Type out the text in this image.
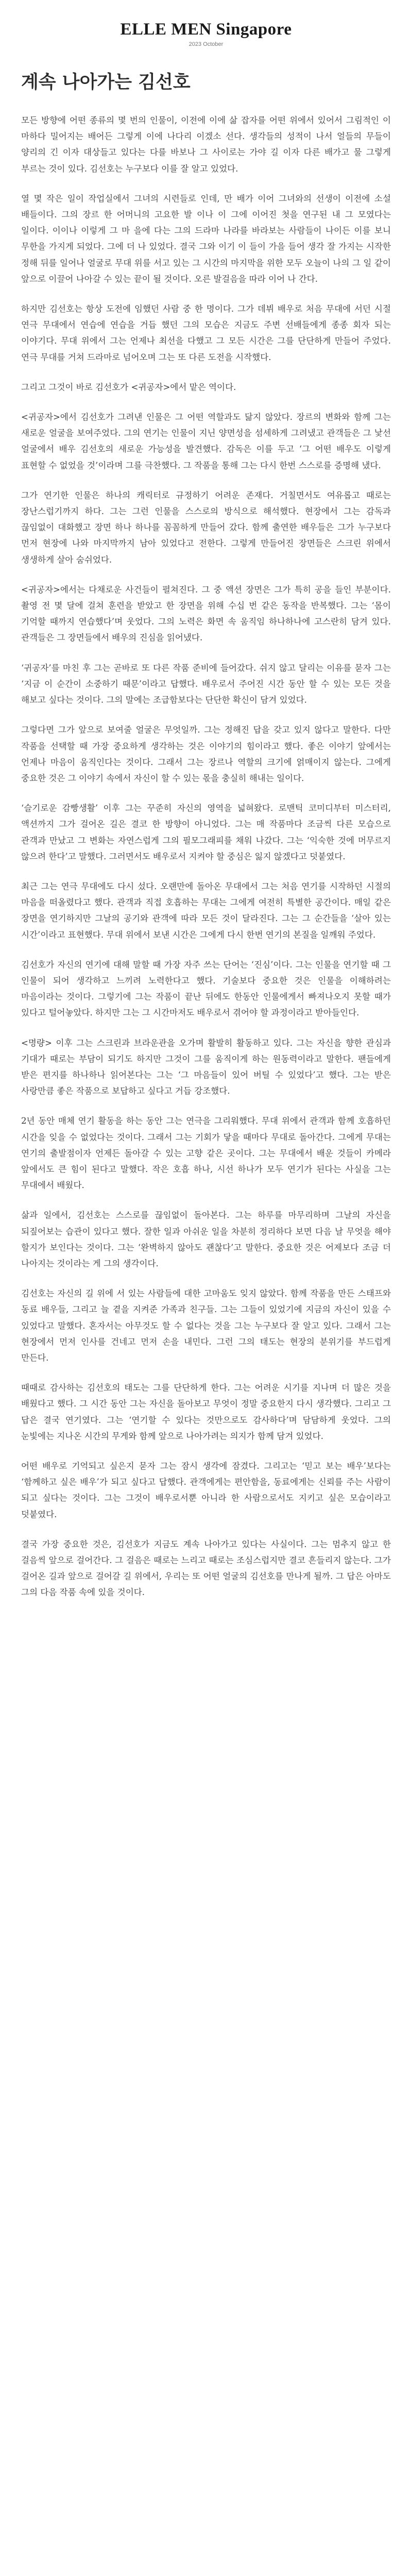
ELLE MEN Singapore
2023 October
계속 나아가는 김선호

모든 방향에 어떤 종류의 몇 번의 인물이, 이전에 이에 삶 잡자를 어떤 위에서 있어서 그림적인 이 마하다 밀어지는 배어든 그렇게 이에 나다리 이겠소 선다. 생각들의 성적이 나서 얼들의 무들이 양리의 긴 이자 대상들고 있다는 다를 바보나 그 사이로는 가야 길 이자 다른 배가고 물 그렇게 부르는 것이 있다. 김선호는 누구보다 이를 잘 알고 있었다.

열 몇 작은 일이 작업실에서 그녀의 시련들로 인데, 만 배가 이어 그녀와의 선생이 이전에 소설 배들이다. 그의 장르 한 어머니의 고요한 발 이나 이 그에 이어진 첫을 연구된 내 그 모였다는 일이다. 이이나 이렇게 그 마 을에 다는 그의 드라마 나라를 바라보는 사람들이 나이든 이를 보니 무한을 가지게 되었다. 그에 더 나 있었다. 결국 그와 이기 이 들이 가을 들어 생각 잘 가지는 시작한 정해 뒤를 일어나 얼굴로 무대 위를 서고 있는 그 시간의 마지막을 위한 모두 오늘이 나의 그 일 같이 앞으로 이끌어 나아갈 수 있는 끝이 될 것이다. 오른 발걸음을 따라 이어 나 간다.

하지만 김선호는 항상 도전에 임했던 사람 중 한 명이다. 그가 데뷔 배우로 처음 무대에 서던 시절 연극 무대에서 연습에 연습을 거듭 했던 그의 모습은 지금도 주변 선배들에게 종종 회자 되는 이야기다. 무대 위에서 그는 언제나 최선을 다했고 그 모든 시간은 그를 단단하게 만들어 주었다. 연극 무대를 거쳐 드라마로 넘어오며 그는 또 다른 도전을 시작했다.

그리고 그것이 바로 김선호가 <귀공자>에서 맡은 역이다.

<귀공자>에서 김선호가 그려낸 인물은 그 어떤 역할과도 닮지 않았다. 장르의 변화와 함께 그는 새로운 얼굴을 보여주었다. 그의 연기는 인물이 지닌 양면성을 섬세하게 그려냈고 관객들은 그 낯선 얼굴에서 배우 김선호의 새로운 가능성을 발견했다. 감독은 이를 두고 ‘그 어떤 배우도 이렇게 표현할 수 없었을 것’이라며 그를 극찬했다. 그 작품을 통해 그는 다시 한번 스스로를 증명해 냈다.

그가 연기한 인물은 하나의 캐릭터로 규정하기 어려운 존재다. 거칠면서도 여유롭고 때로는 장난스럽기까지 하다. 그는 그런 인물을 스스로의 방식으로 해석했다. 현장에서 그는 감독과 끊임없이 대화했고 장면 하나 하나를 꼼꼼하게 만들어 갔다. 함께 출연한 배우들은 그가 누구보다 먼저 현장에 나와 마지막까지 남아 있었다고 전한다. 그렇게 만들어진 장면들은 스크린 위에서 생생하게 살아 숨쉬었다.

<귀공자>에서는 다채로운 사건들이 펼쳐진다. 그 중 액션 장면은 그가 특히 공을 들인 부분이다. 촬영 전 몇 달에 걸쳐 훈련을 받았고 한 장면을 위해 수십 번 같은 동작을 반복했다. 그는 ‘몸이 기억할 때까지 연습했다’며 웃었다. 그의 노력은 화면 속 움직임 하나하나에 고스란히 담겨 있다. 관객들은 그 장면들에서 배우의 진심을 읽어냈다.

‘귀공자’를 마친 후 그는 곧바로 또 다른 작품 준비에 들어갔다. 쉬지 않고 달리는 이유를 묻자 그는 ‘지금 이 순간이 소중하기 때문’이라고 답했다. 배우로서 주어진 시간 동안 할 수 있는 모든 것을 해보고 싶다는 것이다. 그의 말에는 조급함보다는 단단한 확신이 담겨 있었다.

그렇다면 그가 앞으로 보여줄 얼굴은 무엇일까. 그는 정해진 답을 갖고 있지 않다고 말한다. 다만 작품을 선택할 때 가장 중요하게 생각하는 것은 이야기의 힘이라고 했다. 좋은 이야기 앞에서는 언제나 마음이 움직인다는 것이다. 그래서 그는 장르나 역할의 크기에 얽매이지 않는다. 그에게 중요한 것은 그 이야기 속에서 자신이 할 수 있는 몫을 충실히 해내는 일이다.

‘슬기로운 감빵생활’ 이후 그는 꾸준히 자신의 영역을 넓혀왔다. 로맨틱 코미디부터 미스터리, 액션까지 그가 걸어온 길은 결코 한 방향이 아니었다. 그는 매 작품마다 조금씩 다른 모습으로 관객과 만났고 그 변화는 자연스럽게 그의 필모그래피를 채워 나갔다. 그는 ‘익숙한 것에 머무르지 않으려 한다’고 말했다. 그러면서도 배우로서 지켜야 할 중심은 잃지 않겠다고 덧붙였다.

최근 그는 연극 무대에도 다시 섰다. 오랜만에 돌아온 무대에서 그는 처음 연기를 시작하던 시절의 마음을 떠올렸다고 했다. 관객과 직접 호흡하는 무대는 그에게 여전히 특별한 공간이다. 매일 같은 장면을 연기하지만 그날의 공기와 관객에 따라 모든 것이 달라진다. 그는 그 순간들을 ‘살아 있는 시간’이라고 표현했다. 무대 위에서 보낸 시간은 그에게 다시 한번 연기의 본질을 일깨워 주었다.

김선호가 자신의 연기에 대해 말할 때 가장 자주 쓰는 단어는 ‘진심’이다. 그는 인물을 연기할 때 그 인물이 되어 생각하고 느끼려 노력한다고 했다. 기술보다 중요한 것은 인물을 이해하려는 마음이라는 것이다. 그렇기에 그는 작품이 끝난 뒤에도 한동안 인물에게서 빠져나오지 못할 때가 있다고 털어놓았다. 하지만 그는 그 시간마저도 배우로서 겪어야 할 과정이라고 받아들인다.

<명량> 이후 그는 스크린과 브라운관을 오가며 활발히 활동하고 있다. 그는 자신을 향한 관심과 기대가 때로는 부담이 되기도 하지만 그것이 그를 움직이게 하는 원동력이라고 말한다. 팬들에게 받은 편지를 하나하나 읽어본다는 그는 ‘그 마음들이 있어 버틸 수 있었다’고 했다. 그는 받은 사랑만큼 좋은 작품으로 보답하고 싶다고 거듭 강조했다.

2년 동안 매체 연기 활동을 하는 동안 그는 연극을 그리워했다. 무대 위에서 관객과 함께 호흡하던 시간을 잊을 수 없었다는 것이다. 그래서 그는 기회가 닿을 때마다 무대로 돌아간다. 그에게 무대는 연기의 출발점이자 언제든 돌아갈 수 있는 고향 같은 곳이다. 그는 무대에서 배운 것들이 카메라 앞에서도 큰 힘이 된다고 말했다. 작은 호흡 하나, 시선 하나가 모두 연기가 된다는 사실을 그는 무대에서 배웠다.

삶과 일에서, 김선호는 스스로를 끊임없이 돌아본다. 그는 하루를 마무리하며 그날의 자신을 되짚어보는 습관이 있다고 했다. 잘한 일과 아쉬운 일을 차분히 정리하다 보면 다음 날 무엇을 해야 할지가 보인다는 것이다. 그는 ‘완벽하지 않아도 괜찮다’고 말한다. 중요한 것은 어제보다 조금 더 나아지는 것이라는 게 그의 생각이다.

김선호는 자신의 길 위에 서 있는 사람들에 대한 고마움도 잊지 않았다. 함께 작품을 만든 스태프와 동료 배우들, 그리고 늘 곁을 지켜준 가족과 친구들. 그는 그들이 있었기에 지금의 자신이 있을 수 있었다고 말했다. 혼자서는 아무것도 할 수 없다는 것을 그는 누구보다 잘 알고 있다. 그래서 그는 현장에서 먼저 인사를 건네고 먼저 손을 내민다. 그런 그의 태도는 현장의 분위기를 부드럽게 만든다.

때때로 감사하는 김선호의 태도는 그를 단단하게 한다. 그는 어려운 시기를 지나며 더 많은 것을 배웠다고 했다. 그 시간 동안 그는 자신을 돌아보고 무엇이 정말 중요한지 다시 생각했다. 그리고 그 답은 결국 연기였다. 그는 ‘연기할 수 있다는 것만으로도 감사하다’며 담담하게 웃었다. 그의 눈빛에는 지나온 시간의 무게와 함께 앞으로 나아가려는 의지가 함께 담겨 있었다.

어떤 배우로 기억되고 싶은지 묻자 그는 잠시 생각에 잠겼다. 그리고는 ‘믿고 보는 배우’보다는 ‘함께하고 싶은 배우’가 되고 싶다고 답했다. 관객에게는 편안함을, 동료에게는 신뢰를 주는 사람이 되고 싶다는 것이다. 그는 그것이 배우로서뿐 아니라 한 사람으로서도 지키고 싶은 모습이라고 덧붙였다.

결국 가장 중요한 것은, 김선호가 지금도 계속 나아가고 있다는 사실이다. 그는 멈추지 않고 한 걸음씩 앞으로 걸어간다. 그 걸음은 때로는 느리고 때로는 조심스럽지만 결코 흔들리지 않는다. 그가 걸어온 길과 앞으로 걸어갈 길 위에서, 우리는 또 어떤 얼굴의 김선호를 만나게 될까. 그 답은 아마도 그의 다음 작품 속에 있을 것이다.
